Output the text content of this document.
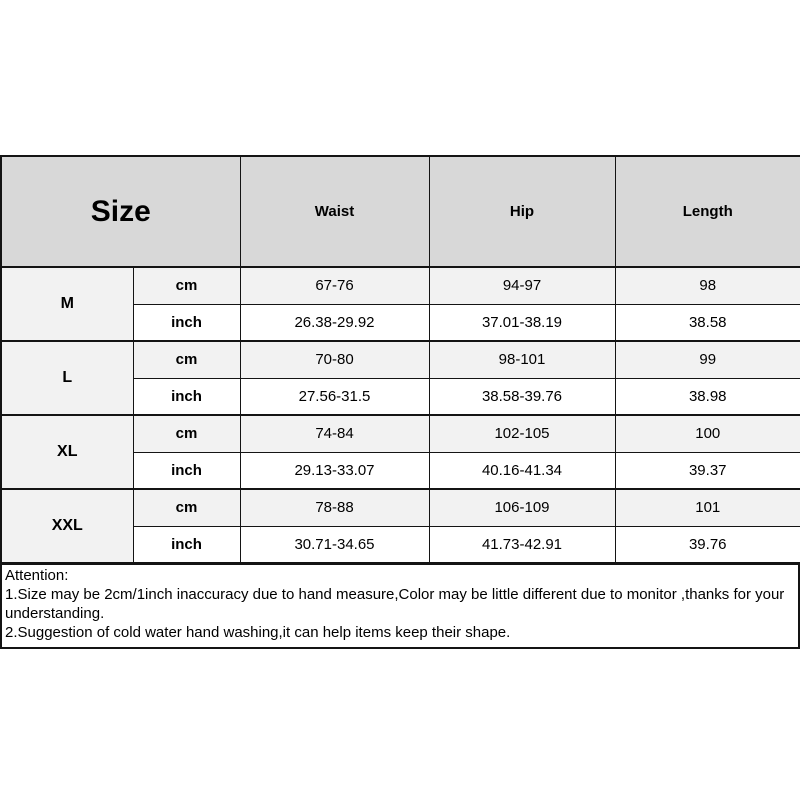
Size		Waist	Hip	Length
M	cm	67-76	94-97	98
	inch	26.38-29.92	37.01-38.19	38.58
L	cm	70-80	98-101	99
	inch	27.56-31.5	38.58-39.76	38.98
XL	cm	74-84	102-105	100
	inch	29.13-33.07	40.16-41.34	39.37
XXL	cm	78-88	106-109	101
	inch	30.71-34.65	41.73-42.91	39.76
Attention:
1.Size may be 2cm/1inch inaccuracy due to hand measure,Color may be little different due to monitor ,thanks for your understanding.
2.Suggestion of cold water hand washing,it can help items keep their shape.
